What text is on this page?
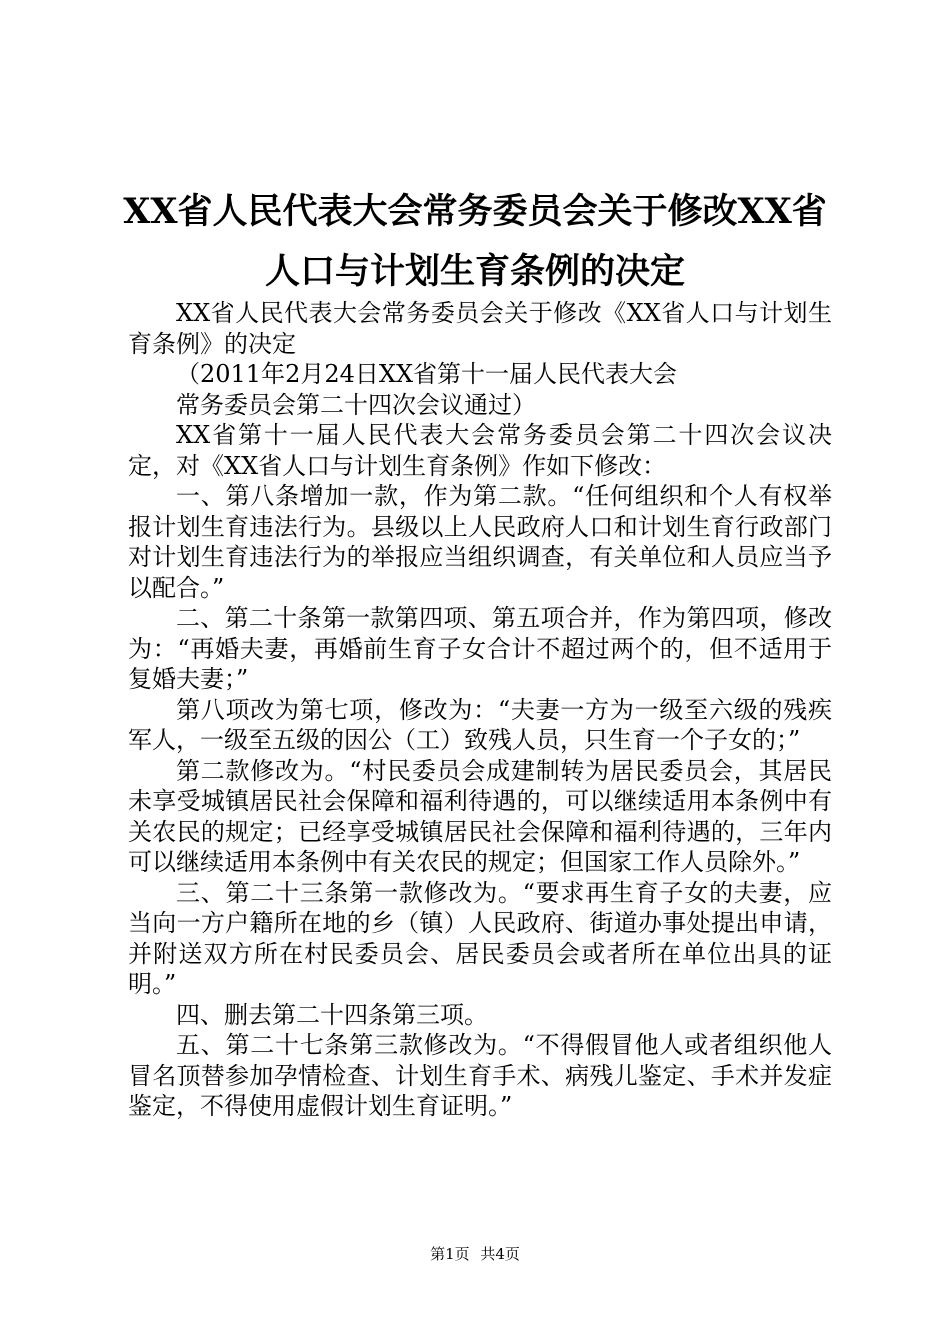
XX省人民代表大会常务委员会关于修改XX省
人口与计划生育条例的决定

XX省人民代表大会常务委员会关于修改《XX省人口与计划生育条例》的决定

（2011年2月24日XX省第十一届人民代表大会

常务委员会第二十四次会议通过）

XX省第十一届人民代表大会常务委员会第二十四次会议决定，对《XX省人口与计划生育条例》作如下修改：

一、第八条增加一款，作为第二款。“任何组织和个人有权举报计划生育违法行为。县级以上人民政府人口和计划生育行政部门对计划生育违法行为的举报应当组织调查，有关单位和人员应当予以配合。”

二、第二十条第一款第四项、第五项合并，作为第四项，修改为：“再婚夫妻，再婚前生育子女合计不超过两个的，但不适用于复婚夫妻；”

第八项改为第七项，修改为：“夫妻一方为一级至六级的残疾军人，一级至五级的因公（工）致残人员，只生育一个子女的；”

第二款修改为。“村民委员会成建制转为居民委员会，其居民未享受城镇居民社会保障和福利待遇的，可以继续适用本条例中有关农民的规定；已经享受城镇居民社会保障和福利待遇的，三年内可以继续适用本条例中有关农民的规定；但国家工作人员除外。”

三、第二十三条第一款修改为。“要求再生育子女的夫妻，应当向一方户籍所在地的乡（镇）人民政府、街道办事处提出申请，并附送双方所在村民委员会、居民委员会或者所在单位出具的证明。”

四、删去第二十四条第三项。

五、第二十七条第三款修改为。“不得假冒他人或者组织他人冒名顶替参加孕情检查、计划生育手术、病残儿鉴定、手术并发症鉴定，不得使用虚假计划生育证明。”

第1页 共4页
